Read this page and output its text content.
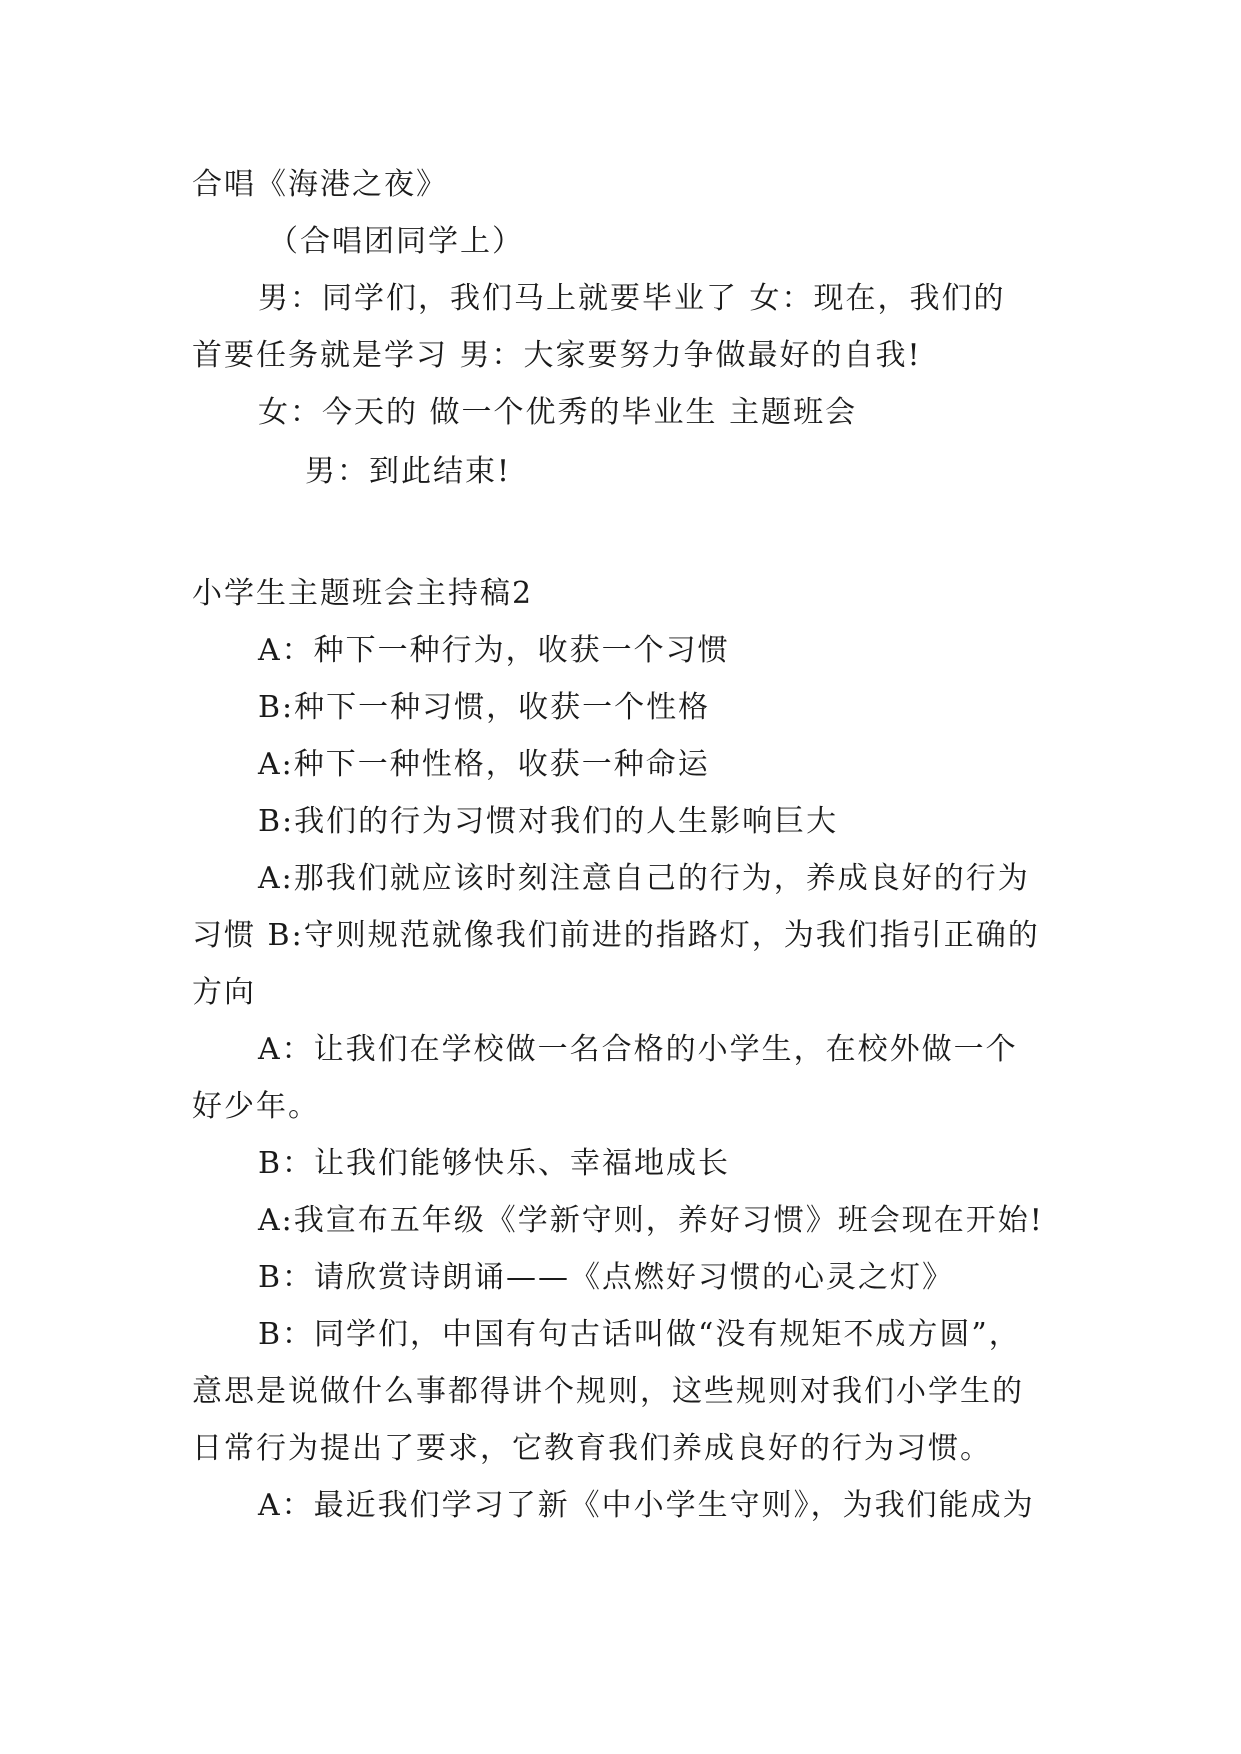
合唱《海港之夜》
（合唱团同学上）
男：同学们，我们马上就要毕业了 女：现在，我们的
首要任务就是学习 男：大家要努力争做最好的自我!
女：今天的 做一个优秀的毕业生 主题班会
男：到此结束!
小学生主题班会主持稿2
A：种下一种行为，收获一个习惯
B:种下一种习惯，收获一个性格
A:种下一种性格，收获一种命运
B:我们的行为习惯对我们的人生影响巨大
A:那我们就应该时刻注意自己的行为，养成良好的行为
习惯 B:守则规范就像我们前进的指路灯，为我们指引正确的
方向
A：让我们在学校做一名合格的小学生，在校外做一个
好少年。
B：让我们能够快乐、幸福地成长
A:我宣布五年级《学新守则，养好习惯》班会现在开始!
B：请欣赏诗朗诵——《点燃好习惯的心灵之灯》
B：同学们，中国有句古话叫做“没有规矩不成方圆”，
意思是说做什么事都得讲个规则，这些规则对我们小学生的
日常行为提出了要求，它教育我们养成良好的行为习惯。
A：最近我们学习了新《中小学生守则》，为我们能成为
